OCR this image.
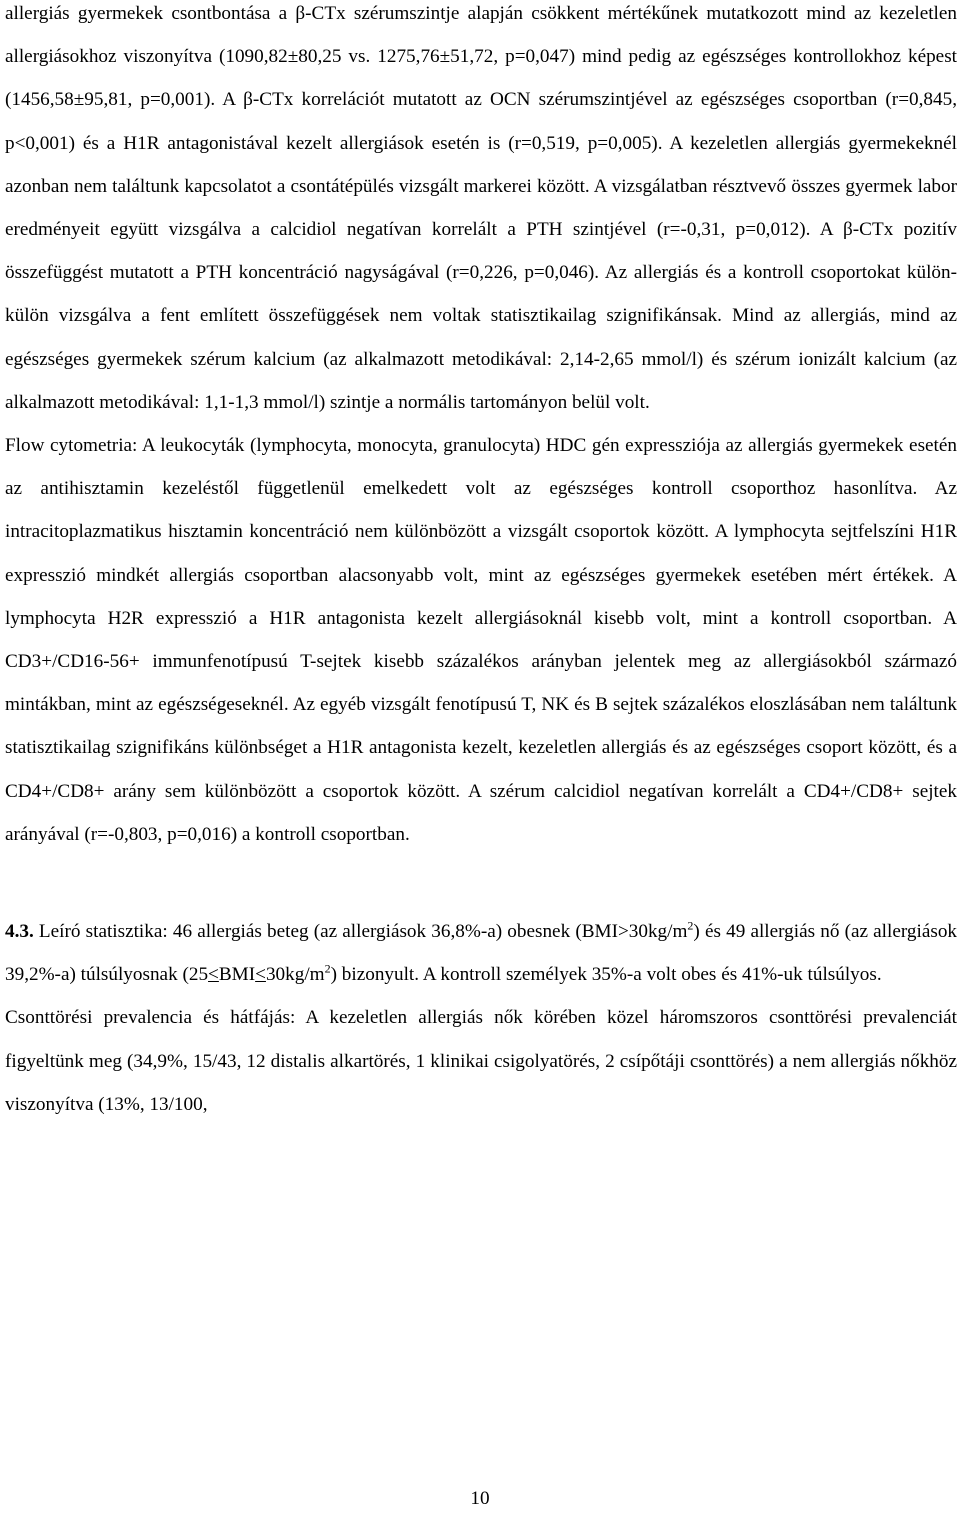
allergiás gyermekek csontbontása a β-CTx szérumszintje alapján csökkent mértékűnek mutatkozott mind az kezeletlen allergiásokhoz viszonyítva (1090,82±80,25 vs. 1275,76±51,72, p=0,047) mind pedig az egészséges kontrollokhoz képest (1456,58±95,81, p=0,001). A β-CTx korrelációt mutatott az OCN szérumszintjével az egészséges csoportban (r=0,845, p<0,001) és a H1R antagonistával kezelt allergiások esetén is (r=0,519, p=0,005). A kezeletlen allergiás gyermekeknél azonban nem találtunk kapcsolatot a csontátépülés vizsgált markerei között. A vizsgálatban résztvevő összes gyermek labor eredményeit együtt vizsgálva a calcidiol negatívan korrelált a PTH szintjével (r=-0,31, p=0,012). A β-CTx pozitív összefüggést mutatott a PTH koncentráció nagyságával (r=0,226, p=0,046). Az allergiás és a kontroll csoportokat külön-külön vizsgálva a fent említett összefüggések nem voltak statisztikailag szignifikánsak. Mind az allergiás, mind az egészséges gyermekek szérum kalcium (az alkalmazott metodikával: 2,14-2,65 mmol/l) és szérum ionizált kalcium (az alkalmazott metodikával: 1,1-1,3 mmol/l) szintje a normális tartományon belül volt.

Flow cytometria: A leukocyták (lymphocyta, monocyta, granulocyta) HDC gén expressziója az allergiás gyermekek esetén az antihisztamin kezeléstől függetlenül emelkedett volt az egészséges kontroll csoporthoz hasonlítva. Az intracitoplazmatikus hisztamin koncentráció nem különbözött a vizsgált csoportok között. A lymphocyta sejtfelszíni H1R expresszió mindkét allergiás csoportban alacsonyabb volt, mint az egészséges gyermekek esetében mért értékek. A lymphocyta H2R expresszió a H1R antagonista kezelt allergiásoknál kisebb volt, mint a kontroll csoportban. A CD3+/CD16-56+ immunfenotípusú T-sejtek kisebb százalékos arányban jelentek meg az allergiásokból származó mintákban, mint az egészségeseknél. Az egyéb vizsgált fenotípusú T, NK és B sejtek százalékos eloszlásában nem találtunk statisztikailag szignifikáns különbséget a H1R antagonista kezelt, kezeletlen allergiás és az egészséges csoport között, és a CD4+/CD8+ arány sem különbözött a csoportok között. A szérum calcidiol negatívan korrelált a CD4+/CD8+ sejtek arányával (r=-0,803, p=0,016) a kontroll csoportban.

4.3. Leíró statisztika: 46 allergiás beteg (az allergiások 36,8%-a) obesnek $(BMI>30kg/m^2)$ és 49 allergiás nő (az allergiások 39,2%-a) túlsúlyosnak $(25<BMI<30kg/m^2)$ bizonyult. A kontroll személyek 35%-a volt obes és 41%-uk túlsúlyos.

Csonttörési prevalencia és hátfájás: A kezeletlen allergiás nők körében közel háromszoros csonttörési prevalenciát figyeltünk meg (34,9%, 15/43, 12 distalis alkartörés, 1 klinikai csigolyatörés, 2 csípőtáji csonttörés) a nem allergiás nőkhöz viszonyítva (13%, 13/100,

10
